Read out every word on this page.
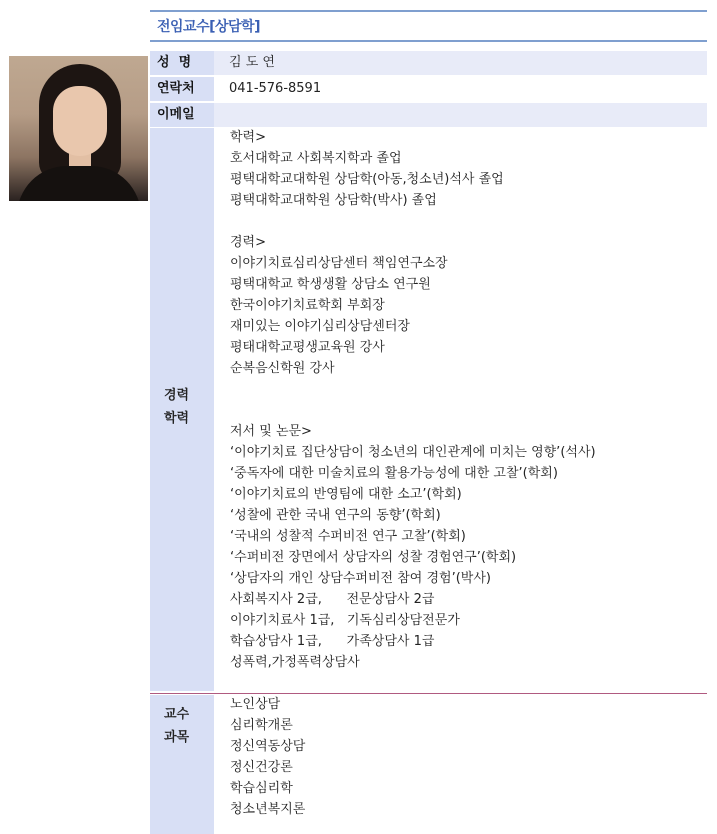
전임교수[상담학]
성  명	김 도 연
연락처	041-576-8591
이메일
경력
학력
학력>
호서대학교 사회복지학과 졸업
평택대학교대학원 상담학(아동,청소년)석사 졸업
평택대학교대학원 상담학(박사) 졸업
경력>
이야기치료심리상담센터 책임연구소장
평택대학교 학생생활 상담소 연구원
한국이야기치료학회 부회장
재미있는 이야기심리상담센터장
평태대학교평생교육원 강사
순복음신학원 강사
저서 및 논문>
‘이야기치료 집단상담이 청소년의 대인관계에 미치는 영향’(석사)
‘중독자에 대한 미술치료의 활용가능성에 대한 고찰’(학회)
‘이야기치료의 반영팀에 대한 소고’(학회)
‘성찰에 관한 국내 연구의 동향’(학회)
‘국내의 성찰적 수퍼비전 연구 고찰’(학회)
‘수퍼비전 장면에서 상담자의 성찰 경험연구’(학회)
‘상담자의 개인 상담수퍼비전 참여 경험’(박사)
사회복지사 2급,      전문상담사 2급
이야기치료사 1급,   기독심리상담전문가
학습상담사 1급,      가족상담사 1급
성폭력,가정폭력상담사
교수
과목
노인상담
심리학개론
정신역동상담
정신건강론
학습심리학
청소년복지론
